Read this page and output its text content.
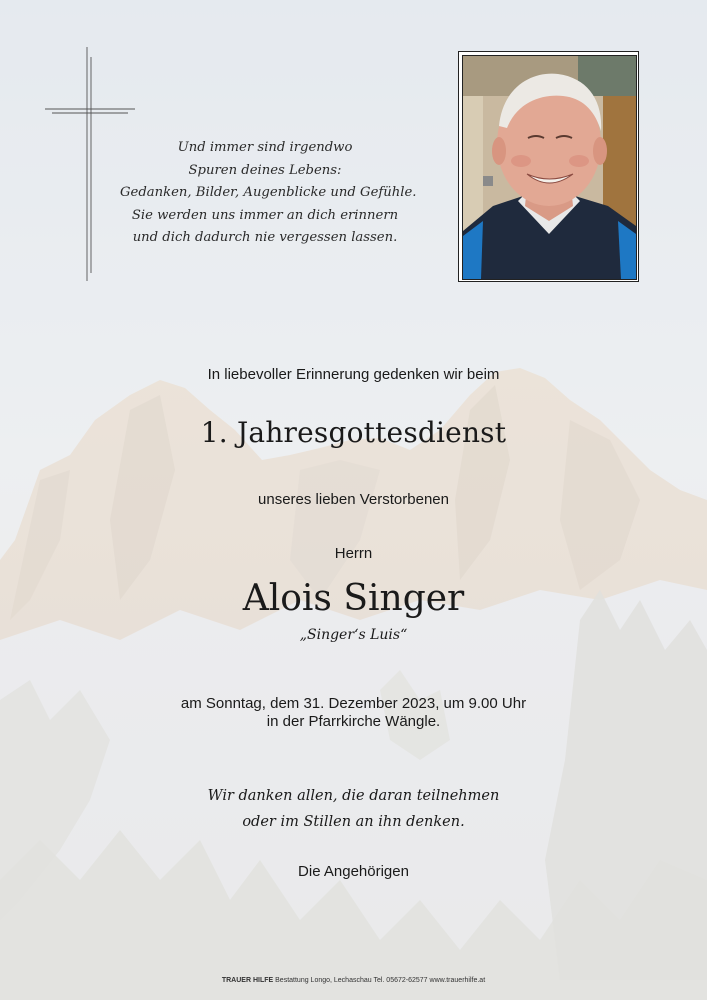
Und immer sind irgendwo
Spuren deines Lebens:
Gedanken, Bilder, Augenblicke und Gefühle.
Sie werden uns immer an dich erinnern
und dich dadurch nie vergessen lassen.
In liebevoller Erinnerung gedenken wir beim
1. Jahresgottesdienst
unseres lieben Verstorbenen
Herrn
Alois Singer
„Singer‘s Luis“
am Sonntag, dem 31. Dezember 2023, um 9.00 Uhr
in der Pfarrkirche Wängle.
Wir danken allen, die daran teilnehmen
oder im Stillen an ihn denken.
Die Angehörigen
TRAUER HILFE Bestattung Longo, Lechaschau Tel. 05672-62577 www.trauerhilfe.at
